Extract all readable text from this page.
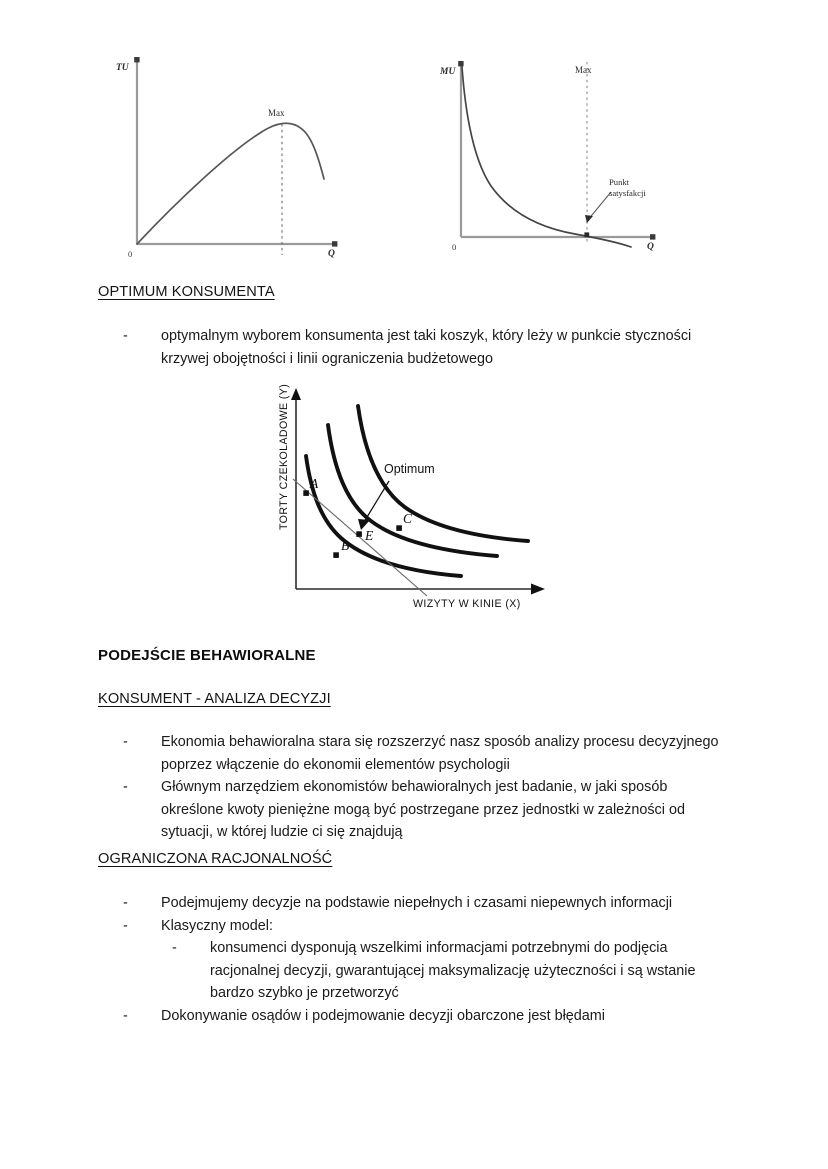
TU
Q
0
Max
MU
Q
0
Max
Punkt
satysfakcji
OPTIMUM KONSUMENTA
-	optymalnym wyborem konsumenta jest taki koszyk, który leży w punkcie styczności krzywej obojętności i linii ograniczenia budżetowego
A
B
C
E
Optimum
TORTY CZEKOLADOWE (Y)
WIZYTY W KINIE (X)
PODEJŚCIE BEHAWIORALNE
KONSUMENT - ANALIZA DECYZJI
-	Ekonomia behawioralna stara się rozszerzyć nasz sposób analizy procesu decyzyjnego poprzez włączenie do ekonomii elementów psychologii
-	Głównym narzędziem ekonomistów behawioralnych jest badanie, w jaki sposób określone kwoty pieniężne mogą być postrzegane przez jednostki w zależności od sytuacji, w której ludzie ci się znajdują
OGRANICZONA RACJONALNOŚĆ
-	Podejmujemy decyzje na podstawie niepełnych i czasami niepewnych informacji
-	Klasyczny model:
-	konsumenci dysponują wszelkimi informacjami potrzebnymi do podjęcia racjonalnej decyzji, gwarantującej maksymalizację użyteczności i są wstanie bardzo szybko je przetworzyć
-	Dokonywanie osądów i podejmowanie decyzji obarczone jest błędami
